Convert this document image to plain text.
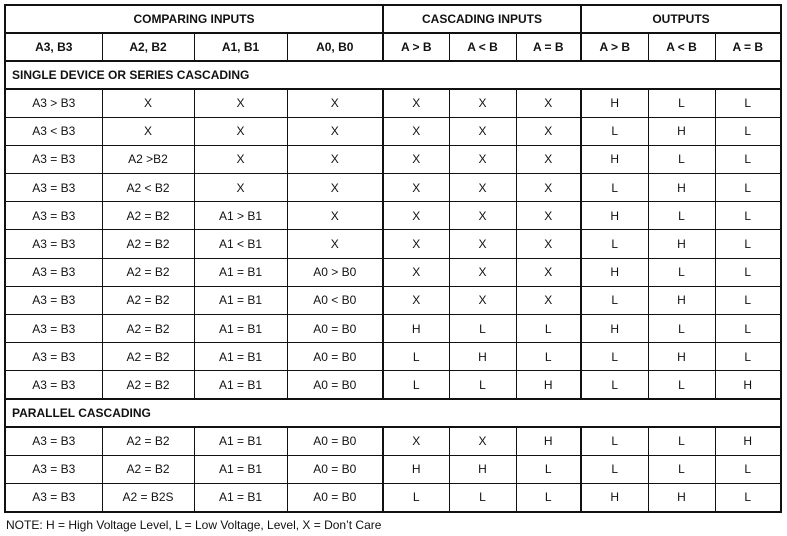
COMPARING INPUTS				CASCADING INPUTS			OUTPUTS		
A3, B3	A2, B2	A1, B1	A0, B0	A > B	A < B	A = B	A > B	A < B	A = B
SINGLE DEVICE OR SERIES CASCADING									
A3 > B3	X	X	X	X	X	X	H	L	L
A3 < B3	X	X	X	X	X	X	L	H	L
A3 = B3	A2 >B2	X	X	X	X	X	H	L	L
A3 = B3	A2 < B2	X	X	X	X	X	L	H	L
A3 = B3	A2 = B2	A1 > B1	X	X	X	X	H	L	L
A3 = B3	A2 = B2	A1 < B1	X	X	X	X	L	H	L
A3 = B3	A2 = B2	A1 = B1	A0 > B0	X	X	X	H	L	L
A3 = B3	A2 = B2	A1 = B1	A0 < B0	X	X	X	L	H	L
A3 = B3	A2 = B2	A1 = B1	A0 = B0	H	L	L	H	L	L
A3 = B3	A2 = B2	A1 = B1	A0 = B0	L	H	L	L	H	L
A3 = B3	A2 = B2	A1 = B1	A0 = B0	L	L	H	L	L	H
PARALLEL CASCADING									
A3 = B3	A2 = B2	A1 = B1	A0 = B0	X	X	H	L	L	H
A3 = B3	A2 = B2	A1 = B1	A0 = B0	H	H	L	L	L	L
A3 = B3	A2 = B2S	A1 = B1	A0 = B0	L	L	L	H	H	L
NOTE: H = High Voltage Level, L = Low Voltage, Level, X = Don’t Care
